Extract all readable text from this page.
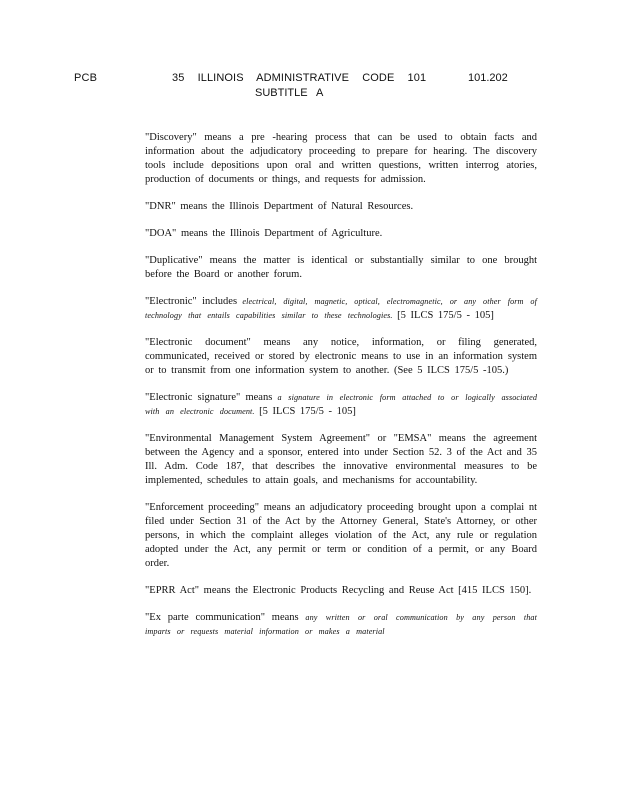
PCB	35 ILLINOIS ADMINISTRATIVE CODE 101	101.202
SUBTITLE A

"Discovery" means a pre -hearing process that can be used to obtain facts and information about the adjudicatory proceeding to prepare for hearing. The discovery tools include depositions upon oral and written questions, written interrog atories, production of documents or things, and requests for admission.

"DNR" means the Illinois Department of Natural Resources.

"DOA" means the Illinois Department of Agriculture.

"Duplicative" means the matter is identical or substantially similar to one brought before the Board or another forum.

"Electronic" includes electrical, digital, magnetic, optical, electromagnetic, or any other form of technology that entails capabilities similar to these technologies. [5 ILCS 175/5 - 105]

"Electronic document" means any notice, information, or filing generated, communicated, received or stored by electronic means to use in an information system or to transmit from one information system to another. (See 5 ILCS 175/5 -105.)

"Electronic signature" means a signature in electronic form attached to or logically associated with an electronic document. [5 ILCS 175/5 - 105]

"Environmental Management System Agreement" or "EMSA" means the agreement between the Agency and a sponsor, entered into under Section 52. 3 of the Act and 35 Ill. Adm. Code 187, that describes the innovative environmental measures to be implemented, schedules to attain goals, and mechanisms for accountability.

"Enforcement proceeding" means an adjudicatory proceeding brought upon a complai nt filed under Section 31 of the Act by the Attorney General, State's Attorney, or other persons, in which the complaint alleges violation of the Act, any rule or regulation adopted under the Act, any permit or term or condition of a permit, or any Board order.

"EPRR Act" means the Electronic Products Recycling and Reuse Act [415 ILCS 150].

"Ex parte communication" means any written or oral communication by any person that imparts or requests material information or makes a material
